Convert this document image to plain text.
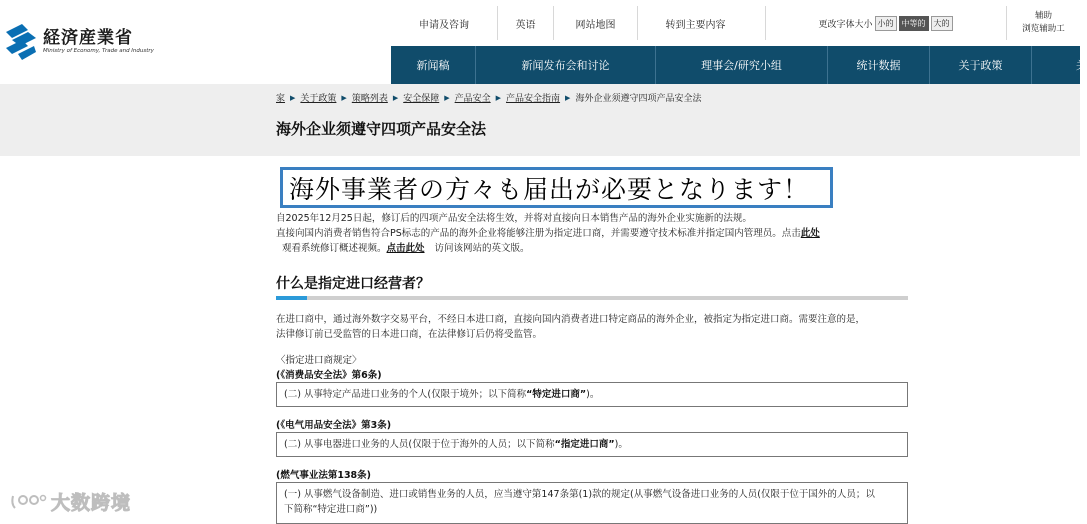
経済産業省
Ministry of Economy, Trade and Industry
申请及咨询	英语	网站地图	转到主要内容	更改字体大小 小的	中等的	大的
辅助
浏览辅助工
新闻稿	新闻发布会和讨论	理事会/研究小组	统计数据	关于政策	关
家 ▶ 关于政策 ▶ 策略列表 ▶ 安全保障 ▶ 产品安全 ▶ 产品安全指南 ▶ 海外企业须遵守四项产品安全法
海外企业须遵守四项产品安全法
海外事業者の方々も届出が必要となります！

自2025年12月25日起，修订后的四项产品安全法将生效，并将对直接向日本销售产品的海外企业实施新的法规。

直接向国内消费者销售符合PS标志的产品的海外企业将能够注册为指定进口商，并需要遵守技术标准并指定国内管理员。点击此处

观看系统修订概述视频。点击此处 访问该网站的英文版。

什么是指定进口经营者？

在进口商中，通过海外数字交易平台，不经日本进口商，直接向国内消费者进口特定商品的海外企业，被指定为指定进口商。需要注意的是，

法律修订前已受监管的日本进口商，在法律修订后仍将受监管。

〈指定进口商规定〉
(《消费品安全法》第6条)

(二) 从事特定产品进口业务的个人(仅限于境外；以下简称“特定进口商”)。

(《电气用品安全法》第3条)

(二) 从事电器进口业务的人员(仅限于位于海外的人员；以下简称“指定进口商”)。

(燃气事业法第138条)

(一) 从事燃气设备制造、进口或销售业务的人员，应当遵守第147条第(1)款的规定(从事燃气设备进口业务的人员(仅限于位于国外的人员；以

下简称“特定进口商”))

大数跨境
